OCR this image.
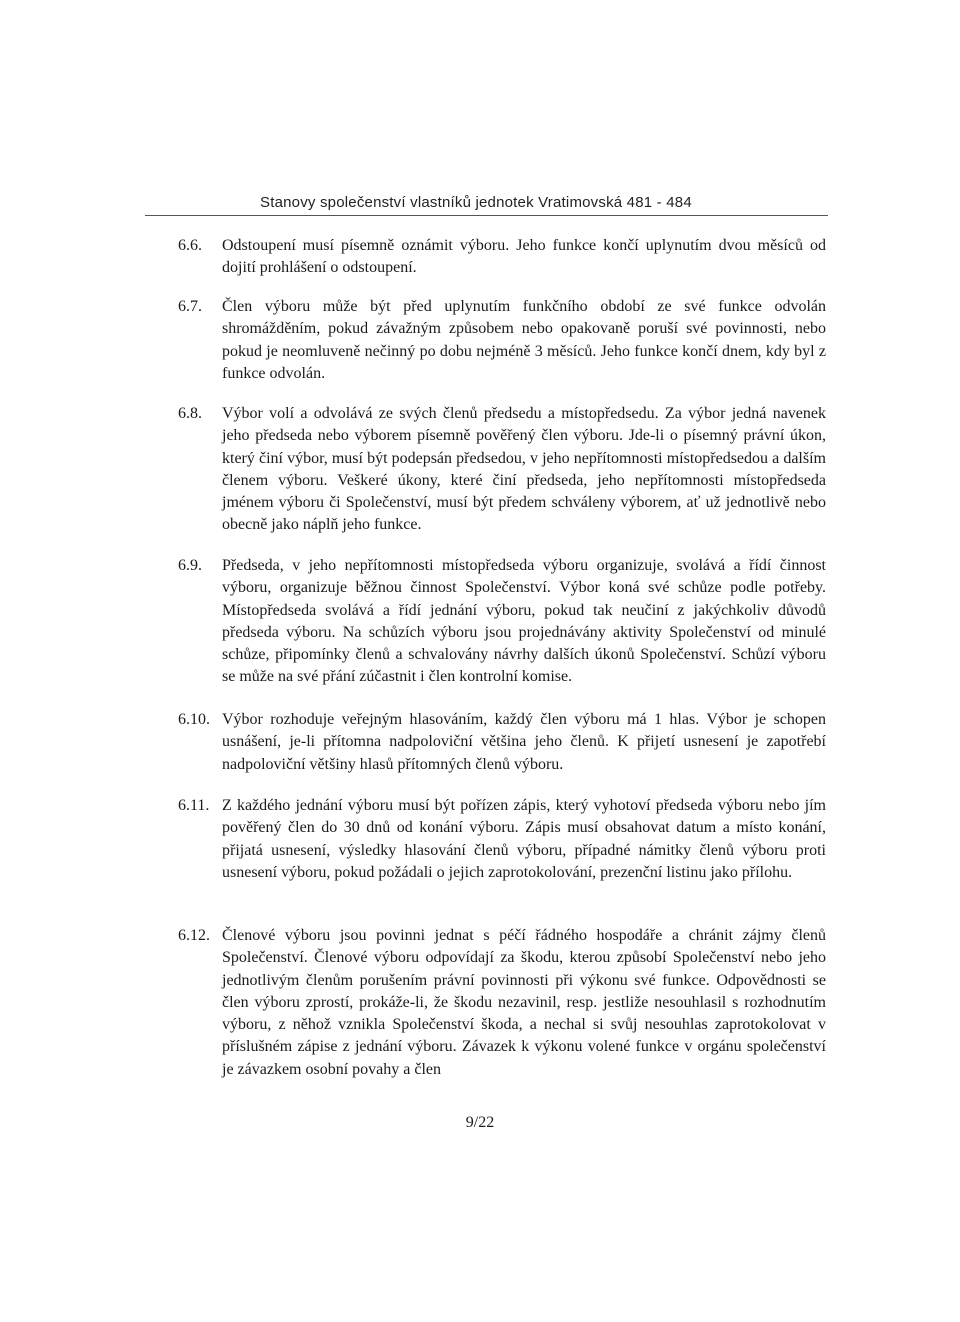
Stanovy společenství vlastníků jednotek Vratimovská 481 - 484
6.6. Odstoupení musí písemně oznámit výboru. Jeho funkce končí uplynutím dvou měsíců od dojití prohlášení o odstoupení.
6.7. Člen výboru může být před uplynutím funkčního období ze své funkce odvolán shromážděním, pokud závažným způsobem nebo opakovaně poruší své povinnosti, nebo pokud je neomluveně nečinný po dobu nejméně 3 měsíců. Jeho funkce končí dnem, kdy byl z funkce odvolán.
6.8. Výbor volí a odvolává ze svých členů předsedu a místopředsedu. Za výbor jedná navenek jeho předseda nebo výborem písemně pověřený člen výboru. Jde-li o písemný právní úkon, který činí výbor, musí být podepsán předsedou, v jeho nepřítomnosti místopředsedou a dalším členem výboru. Veškeré úkony, které činí předseda, jeho nepřítomnosti místopředseda jménem výboru či Společenství, musí být předem schváleny výborem, ať už jednotlivě nebo obecně jako náplň jeho funkce.
6.9. Předseda, v jeho nepřítomnosti místopředseda výboru organizuje, svolává a řídí činnost výboru, organizuje běžnou činnost Společenství. Výbor koná své schůze podle potřeby. Místopředseda svolává a řídí jednání výboru, pokud tak neučiní z jakýchkoliv důvodů předseda výboru. Na schůzích výboru jsou projednávány aktivity Společenství od minulé schůze, připomínky členů a schvalovány návrhy dalších úkonů Společenství. Schůzí výboru se může na své přání zúčastnit i člen kontrolní komise.
6.10. Výbor rozhoduje veřejným hlasováním, každý člen výboru má 1 hlas. Výbor je schopen usnášení, je-li přítomna nadpoloviční většina jeho členů. K přijetí usnesení je zapotřebí nadpoloviční většiny hlasů přítomných členů výboru.
6.11. Z každého jednání výboru musí být pořízen zápis, který vyhotoví předseda výboru nebo jím pověřený člen do 30 dnů od konání výboru. Zápis musí obsahovat datum a místo konání, přijatá usnesení, výsledky hlasování členů výboru, případné námitky členů výboru proti usnesení výboru, pokud požádali o jejich zaprotokolování, prezenční listinu jako přílohu.
6.12. Členové výboru jsou povinni jednat s péčí řádného hospodáře a chránit zájmy členů Společenství. Členové výboru odpovídají za škodu, kterou způsobí Společenství nebo jeho jednotlivým členům porušením právní povinnosti při výkonu své funkce. Odpovědnosti se člen výboru zprostí, prokáže-li, že škodu nezavinil, resp. jestliže nesouhlasil s rozhodnutím výboru, z něhož vznikla Společenství škoda, a nechal si svůj nesouhlas zaprotokolovat v příslušném zápise z jednání výboru. Závazek k výkonu volené funkce v orgánu společenství je závazkem osobní povahy a člen
9/22
